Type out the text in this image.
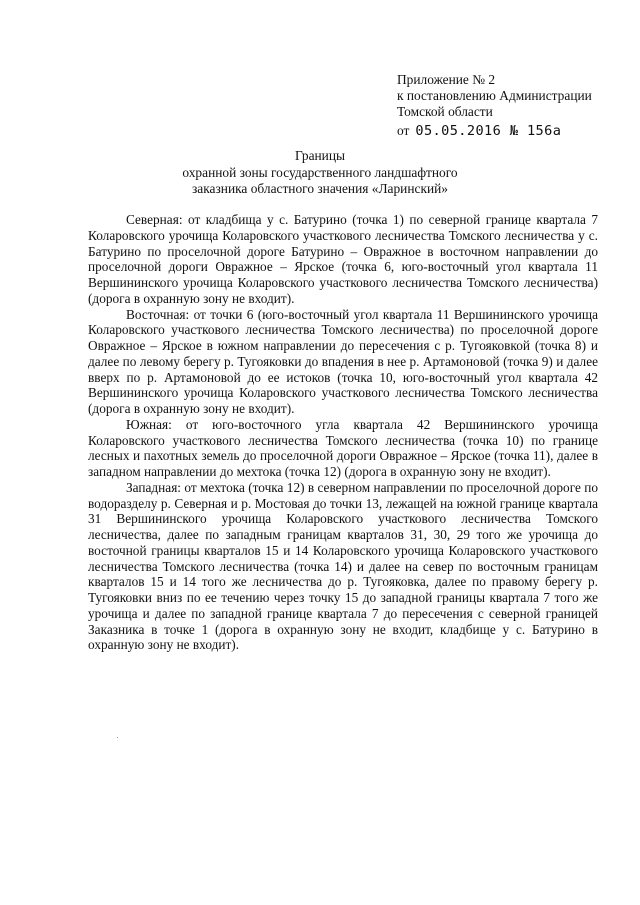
Приложение № 2
к постановлению Администрации
Томской области
от 05.05.2016 № 156а
Границы
охранной зоны государственного ландшафтного
заказника областного значения «Ларинский»

Северная: от кладбища у с. Батурино (точка 1) по северной границе квартала 7 Коларовского урочища Коларовского участкового лесничества Томского лесничества у с. Батурино по проселочной дороге Батурино – Овражное в восточном направлении до проселочной дороги Овражное – Ярское (точка 6, юго-восточный угол квартала 11 Вершининского урочища Коларовского участкового лесничества Томского лесничества) (дорога в охранную зону не входит).

Восточная: от точки 6 (юго-восточный угол квартала 11 Вершининского урочища Коларовского участкового лесничества Томского лесничества) по проселочной дороге Овражное – Ярское в южном направлении до пересечения с р. Тугояковкой (точка 8) и далее по левому берегу р. Тугояковки до впадения в нее р. Артамоновой (точка 9) и далее вверх по р. Артамоновой до ее истоков (точка 10, юго-восточный угол квартала 42 Вершининского урочища Коларовского участкового лесничества Томского лесничества (дорога в охранную зону не входит).

Южная: от юго-восточного угла квартала 42 Вершининского урочища Коларовского участкового лесничества Томского лесничества (точка 10) по границе лесных и пахотных земель до проселочной дороги Овражное – Ярское (точка 11), далее в западном направлении до мехтока (точка 12) (дорога в охранную зону не входит).

Западная: от мехтока (точка 12) в северном направлении по проселочной дороге по водоразделу р. Северная и р. Мостовая до точки 13, лежащей на южной границе квартала 31 Вершининского урочища Коларовского участкового лесничества Томского лесничества, далее по западным границам кварталов 31, 30, 29 того же урочища до восточной границы кварталов 15 и 14 Коларовского урочища Коларовского участкового лесничества Томского лесничества (точка 14) и далее на север по восточным границам кварталов 15 и 14 того же лесничества до р. Тугояковка, далее по правому берегу р. Тугояковки вниз по ее течению через точку 15 до западной границы квартала 7 того же урочища и далее по западной границе квартала 7 до пересечения с северной границей Заказника в точке 1 (дорога в охранную зону не входит, кладбище у с. Батурино в охранную зону не входит).
